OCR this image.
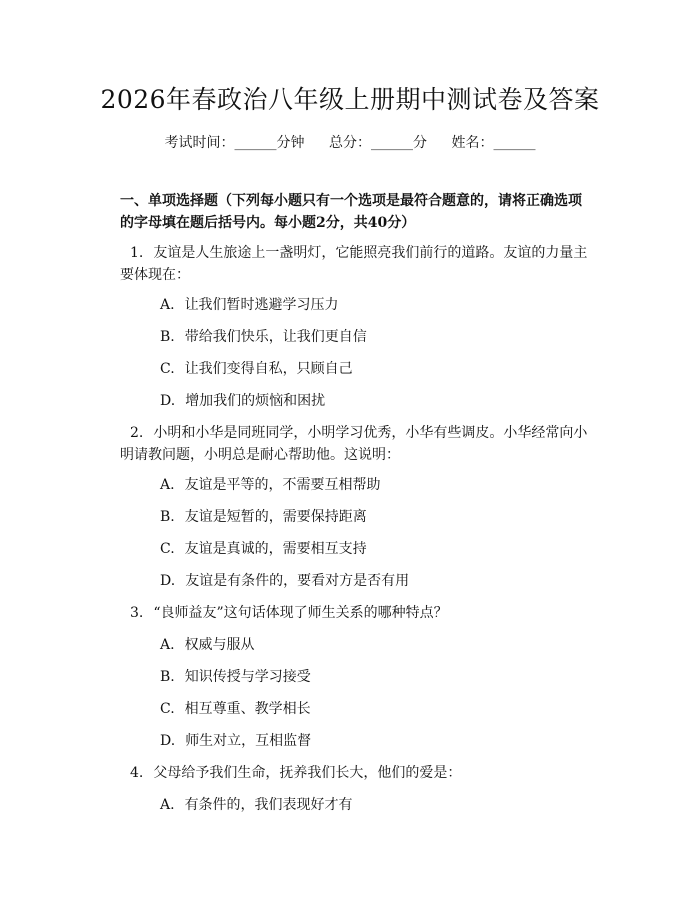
2026年春政治八年级上册期中测试卷及答案
考试时间：______分钟 总分：______分 姓名：______
一、单项选择题（下列每小题只有一个选项是最符合题意的，请将正确选项的字母填在题后括号内。每小题2分，共40分）
1. 友谊是人生旅途上一盏明灯，它能照亮我们前行的道路。友谊的力量主要体现在：
A. 让我们暂时逃避学习压力
B. 带给我们快乐，让我们更自信
C. 让我们变得自私，只顾自己
D. 增加我们的烦恼和困扰
2. 小明和小华是同班同学，小明学习优秀，小华有些调皮。小华经常向小明请教问题，小明总是耐心帮助他。这说明：
A. 友谊是平等的，不需要互相帮助
B. 友谊是短暂的，需要保持距离
C. 友谊是真诚的，需要相互支持
D. 友谊是有条件的，要看对方是否有用
3. “良师益友”这句话体现了师生关系的哪种特点？
A. 权威与服从
B. 知识传授与学习接受
C. 相互尊重、教学相长
D. 师生对立，互相监督
4. 父母给予我们生命，抚养我们长大，他们的爱是：
A. 有条件的，我们表现好才有
